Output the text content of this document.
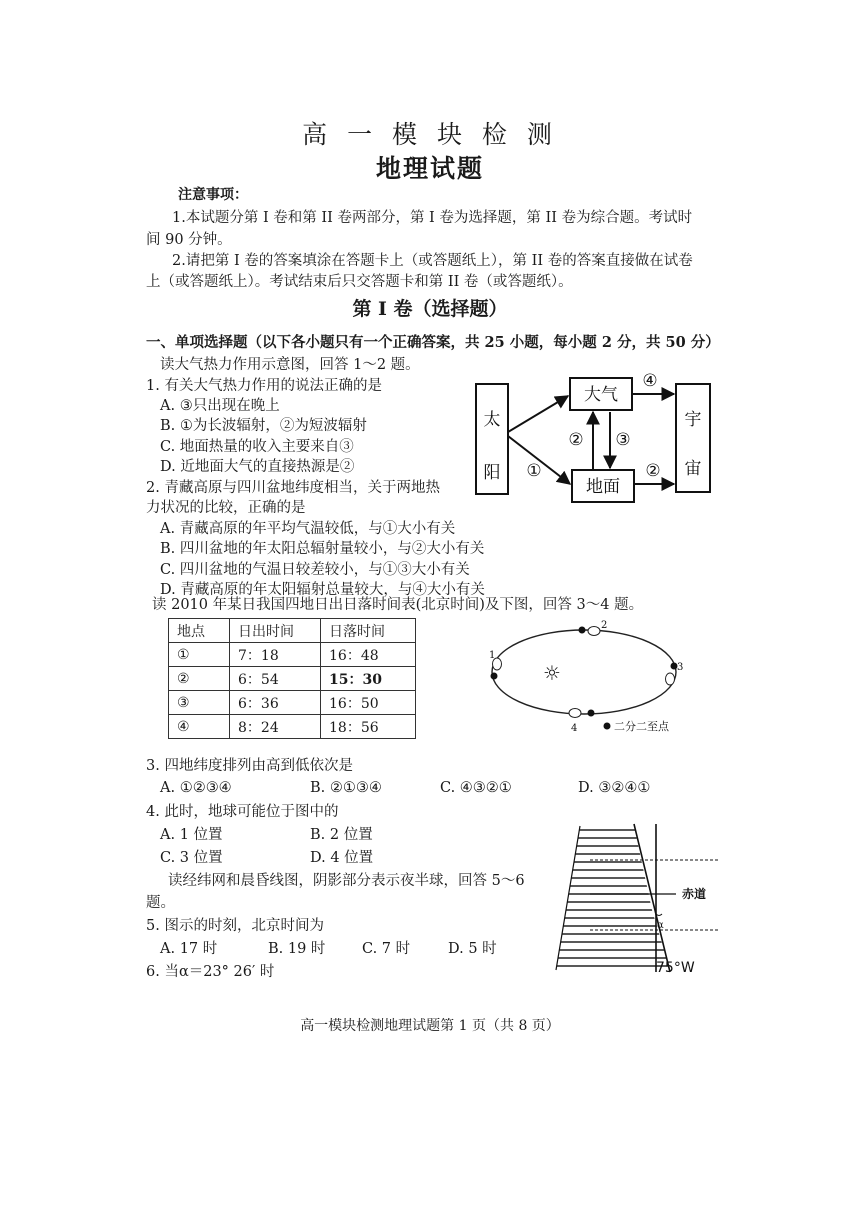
高 一 模 块 检 测
地理试题
注意事项：
1.本试题分第 I 卷和第 II 卷两部分，第 I 卷为选择题，第 II 卷为综合题。考试时
间 90 分钟。
2.请把第 I 卷的答案填涂在答题卡上（或答题纸上），第 II 卷的答案直接做在试卷
上（或答题纸上）。考试结束后只交答题卡和第 II 卷（或答题纸）。
第 I 卷（选择题）
一、单项选择题（以下各小题只有一个正确答案，共 25 小题，每小题 2 分，共 50 分）
读大气热力作用示意图，回答 1～2 题。
1. 有关大气热力作用的说法正确的是
A. ③只出现在晚上
B. ①为长波辐射，②为短波辐射
C. 地面热量的收入主要来自③
D. 近地面大气的直接热源是②
2. 青藏高原与四川盆地纬度相当，关于两地热
力状况的比较，正确的是
A. 青藏高原的年平均气温较低，与①大小有关
B. 四川盆地的年太阳总辐射量较小，与②大小有关
C. 四川盆地的气温日较差较小，与①③大小有关
D. 青藏高原的年太阳辐射总量较大，与④大小有关
太
阳
大气
地面
宇
宙
①
② ③
④
②
读 2010 年某日我国四地日出日落时间表(北京时间)及下图，回答 3～4 题。
地点	日出时间	日落时间
①	7：18	16：48
②	6：54	15：30
③	6：36	16：50
④	8：24	18：56
☼
2
1
3
4	二分二至点
3. 四地纬度排列由高到低依次是
A. ①②③④	B. ②①③④	C. ④③②①	D. ③②④①
4. 此时，地球可能位于图中的
A. 1 位置	B. 2 位置
C. 3 位置	D. 4 位置
读经纬网和晨昏线图，阴影部分表示夜半球，回答 5～6
题。
5. 图示的时刻，北京时间为
A. 17 时	B. 19 时	C. 7 时	D. 5 时
6. 当α＝23° 26′ 时
α
赤道
75°W
高一模块检测地理试题第 1 页（共 8 页）
